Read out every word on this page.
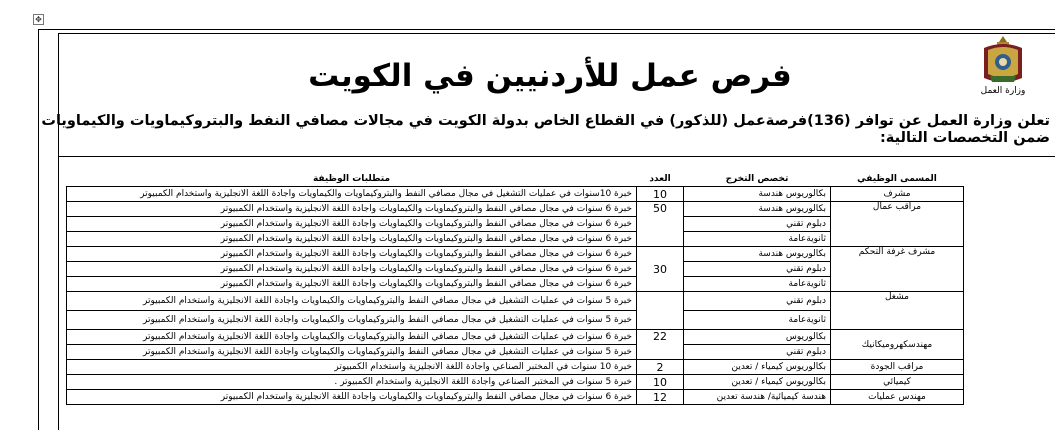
✥
وزارة العمل
فرص عمل للأردنيين في الكويت
تعلن وزارة العمل عن توافر (136)فرصةعمل (للذكور) في القطاع الخاص بدولة الكويت في مجالات مصافي النفط والبتروكيماويات والكيماويات
ضمن التخصصات التالية:
المسمى الوظيفي	تخصص التخرج	العدد	متطلبات الوظيفة
مشرف	بكالوريوس هندسة	10	خبرة 10سنوات في عمليات التشغيل في مجال مصافي النفط والبتروكيماويات والكيماويات واجادة اللغة الانجليزية واستخدام الكمبيوتر
مراقب عمال	بكالوريوس هندسة	50	خبرة 6 سنوات في مجال مصافي النفط والبتروكيماويات والكيماويات واجادة اللغة الانجليزية واستخدام الكمبيوتر
	دبلوم تقني		خبرة 6 سنوات في مجال مصافي النفط والبتروكيماويات والكيماويات واجادة اللغة الانجليزية واستخدام الكمبيوتر
	ثانويةعامة		خبرة 6 سنوات في مجال مصافي النفط والبتروكيماويات والكيماويات واجادة اللغة الانجليزية واستخدام الكمبيوتر
مشرف غرفة التحكم	بكالوريوس هندسة	30	خبرة 6 سنوات في مجال مصافي النفط والبتروكيماويات والكيماويات واجادة اللغة الانجليزية واستخدام الكمبيوتر
	دبلوم تقني		خبرة 6 سنوات في مجال مصافي النفط والبتروكيماويات والكيماويات واجادة اللغة الانجليزية واستخدام الكمبيوتر
	ثانويةعامة		خبرة 6 سنوات في مجال مصافي النفط والبتروكيماويات والكيماويات واجادة اللغة الانجليزية واستخدام الكمبيوتر
مشغل	دبلوم تقني		خبرة 5 سنوات في عمليات التشغيل في مجال مصافي النفط والبتروكيماويات والكيماويات واجادة اللغة الانجليزية واستخدام الكمبيوتر
	ثانويةعامة		خبرة 5 سنوات في عمليات التشغيل في مجال مصافي النفط والبتروكيماويات والكيماويات واجادة اللغة الانجليزية واستخدام الكمبيوتر
مهندسكهروميكانيك	بكالوريوس	22	خبرة 6 سنوات في عمليات التشغيل في مجال مصافي النفط والبتروكيماويات والكيماويات واجادة اللغة الانجليزية واستخدام الكمبيوتر
	دبلوم تقني		خبرة 5 سنوات في عمليات التشغيل في مجال مصافي النفط والبتروكيماويات والكيماويات واجادة اللغة الانجليزية واستخدام الكمبيوتر
مراقب الجودة	بكالوريوس كيمياء / تعدين	2	خبرة 10 سنوات في المختبر الصناعي واجادة اللغة الانجليزية واستخدام الكمبيوتر
كيميائي	بكالوريوس كيمياء / تعدين	10	خبرة 5 سنوات في المختبر الصناعي واجادة اللغة الانجليزية واستخدام الكمبيوتر .
مهندس عمليات	هندسة كيميائية/ هندسة تعدين	12	خبرة 6 سنوات في مجال مصافي النفط والبتروكيماويات والكيماويات واجادة اللغة الانجليزية واستخدام الكمبيوتر
